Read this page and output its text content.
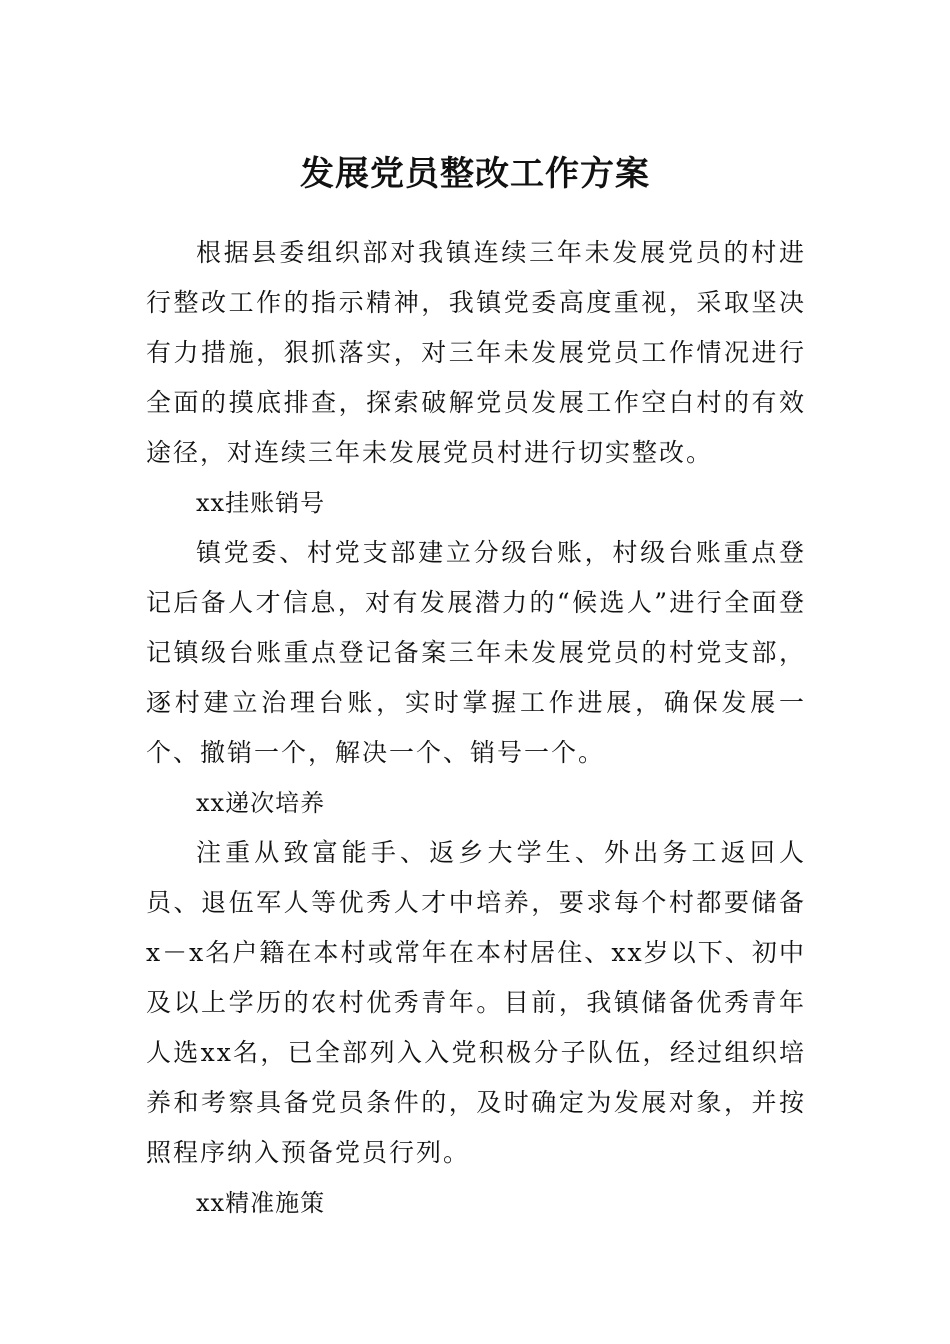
发展党员整改工作方案

根据县委组织部对我镇连续三年未发展党员的村进行整改工作的指示精神，我镇党委高度重视，采取坚决有力措施，狠抓落实，对三年未发展党员工作情况进行全面的摸底排查，探索破解党员发展工作空白村的有效途径，对连续三年未发展党员村进行切实整改。

xx挂账销号

镇党委、村党支部建立分级台账，村级台账重点登记后备人才信息，对有发展潜力的“候选人”进行全面登记镇级台账重点登记备案三年未发展党员的村党支部，逐村建立治理台账，实时掌握工作进展，确保发展一个、撤销一个，解决一个、销号一个。

xx递次培养

注重从致富能手、返乡大学生、外出务工返回人员、退伍军人等优秀人才中培养，要求每个村都要储备x－x名户籍在本村或常年在本村居住、xx岁以下、初中及以上学历的农村优秀青年。目前，我镇储备优秀青年人选xx名，已全部列入入党积极分子队伍，经过组织培养和考察具备党员条件的，及时确定为发展对象，并按照程序纳入预备党员行列。

xx精准施策
